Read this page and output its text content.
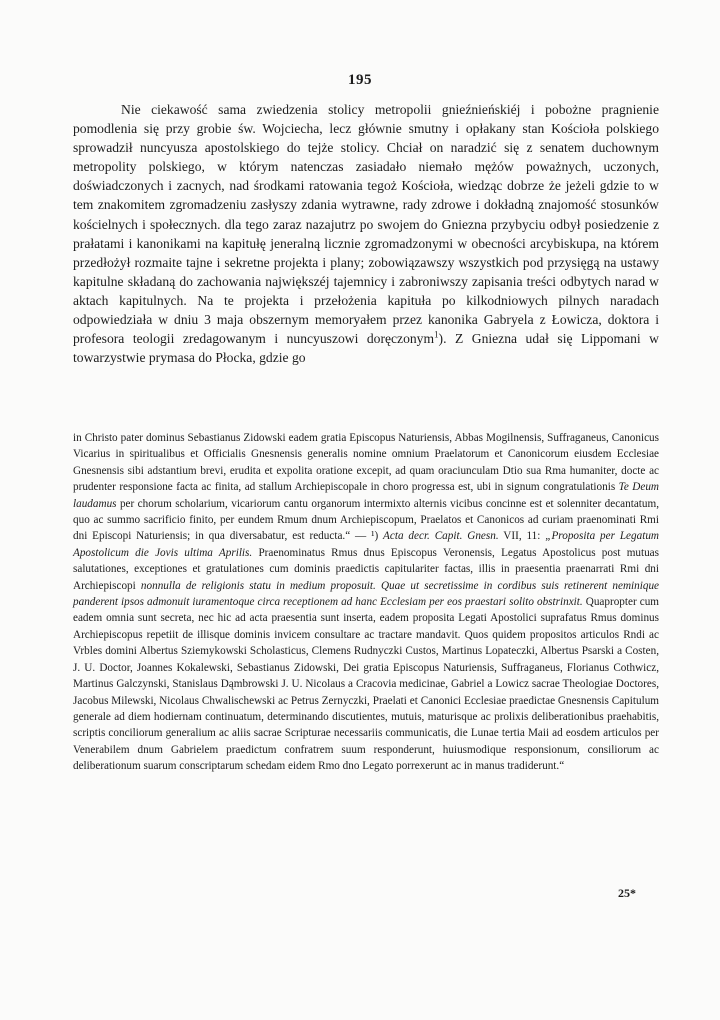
195

Nie ciekawość sama zwiedzenia stolicy metropolii gnieźnieńskiéj i pobożne pragnienie pomodlenia się przy grobie św. Wojciecha, lecz głównie smutny i opłakany stan Kościoła polskiego sprowadził nuncyusza apostolskiego do tejże stolicy. Chciał on naradzić się z senatem duchownym metropolity polskiego, w którym natenczas zasiadało niemało mężów poważnych, uczonych, doświadczonych i zacnych, nad środkami ratowania tegoż Kościoła, wiedząc dobrze że jeżeli gdzie to w tem znakomitem zgromadzeniu zasłyszy zdania wytrawne, rady zdrowe i dokładną znajomość stosunków kościelnych i społecznych. dla tego zaraz nazajutrz po swojem do Gniezna przybyciu odbył posiedzenie z prałatami i kanonikami na kapitułę jeneralną licznie zgromadzonymi w obecności arcybiskupa, na którem przedłożył rozmaite tajne i sekretne projekta i plany; zobowiązawszy wszystkich pod przysięgą na ustawy kapitulne składaną do zachowania największéj tajemnicy i zabroniwszy zapisania treści odbytych narad w aktach kapitulnych. Na te projekta i przełożenia kapituła po kilkodniowych pilnych naradach odpowiedziała w dniu 3 maja obszernym memoryałem przez kanonika Gabryela z Łowicza, doktora i profesora teologii zredagowanym i nuncyuszowi doręczonym$^1$). Z Gniezna udał się Lippomani w towarzystwie prymasa do Płocka, gdzie go

in Christo pater dominus Sebastianus Zidowski eadem gratia Episcopus Naturiensis, Abbas Mogilnensis, Suffraganeus, Canonicus Vicarius in spiritualibus et Officialis Gnesnensis generalis nomine omnium Praelatorum et Canonicorum eiusdem Ecclesiae Gnesnensis sibi adstantium brevi, erudita et expolita oratione excepit, ad quam oraciunculam Dtio sua Rma humaniter, docte ac prudenter responsione facta ac finita, ad stallum Archiepiscopale in choro progressa est, ubi in signum congratulationis Te Deum laudamus per chorum scholarium, vicariorum cantu organorum intermixto alternis vicibus concinne est et solenniter decantatum, quo ac summo sacrificio finito, per eundem Rmum dnum Archiepiscopum, Praelatos et Canonicos ad curiam praenominati Rmi dni Episcopi Naturiensis; in qua diversabatur, est reducta.“ — ¹) Acta decr. Capit. Gnesn. VII, 11: „Proposita per Legatum Apostolicum die Jovis ultima Aprilis. Praenominatus Rmus dnus Episcopus Veronensis, Legatus Apostolicus post mutuas salutationes, exceptiones et gratulationes cum dominis praedictis capitulariter factas, illis in praesentia praenarrati Rmi dni Archiepiscopi nonnulla de religionis statu in medium proposuit. Quae ut secretissime in cordibus suis retinerent neminique panderent ipsos admonuit iuramentoque circa receptionem ad hanc Ecclesiam per eos praestari solito obstrinxit. Quapropter cum eadem omnia sunt secreta, nec hic ad acta praesentia sunt inserta, eadem proposita Legati Apostolici suprafatus Rmus dominus Archiepiscopus repetiit de illisque dominis invicem consultare ac tractare mandavit. Quos quidem propositos articulos Rndi ac Vrbles domini Albertus Sziemykowski Scholasticus, Clemens Rudnyczki Custos, Martinus Lopateczki, Albertus Psarski a Costen, J. U. Doctor, Joannes Kokalewski, Sebastianus Zidowski, Dei gratia Episcopus Naturiensis, Suffraganeus, Florianus Cothwicz, Martinus Galczynski, Stanislaus Dąmbrowski J. U. Nicolaus a Cracovia medicinae, Gabriel a Lowicz sacrae Theologiae Doctores, Jacobus Milewski, Nicolaus Chwalischewski ac Petrus Zernyczki, Praelati et Canonici Ecclesiae praedictae Gnesnensis Capitulum generale ad diem hodiernam continuatum, determinando discutientes, mutuis, maturisque ac prolixis deliberationibus praehabitis, scriptis conciliorum generalium ac aliis sacrae Scripturae necessariis communicatis, die Lunae tertia Maii ad eosdem articulos per Venerabilem dnum Gabrielem praedictum confratrem suum responderunt, huiusmodique responsionum, consiliorum ac deliberationum suarum conscriptarum schedam eidem Rmo dno Legato porrexerunt ac in manus tradiderunt.“

25*
